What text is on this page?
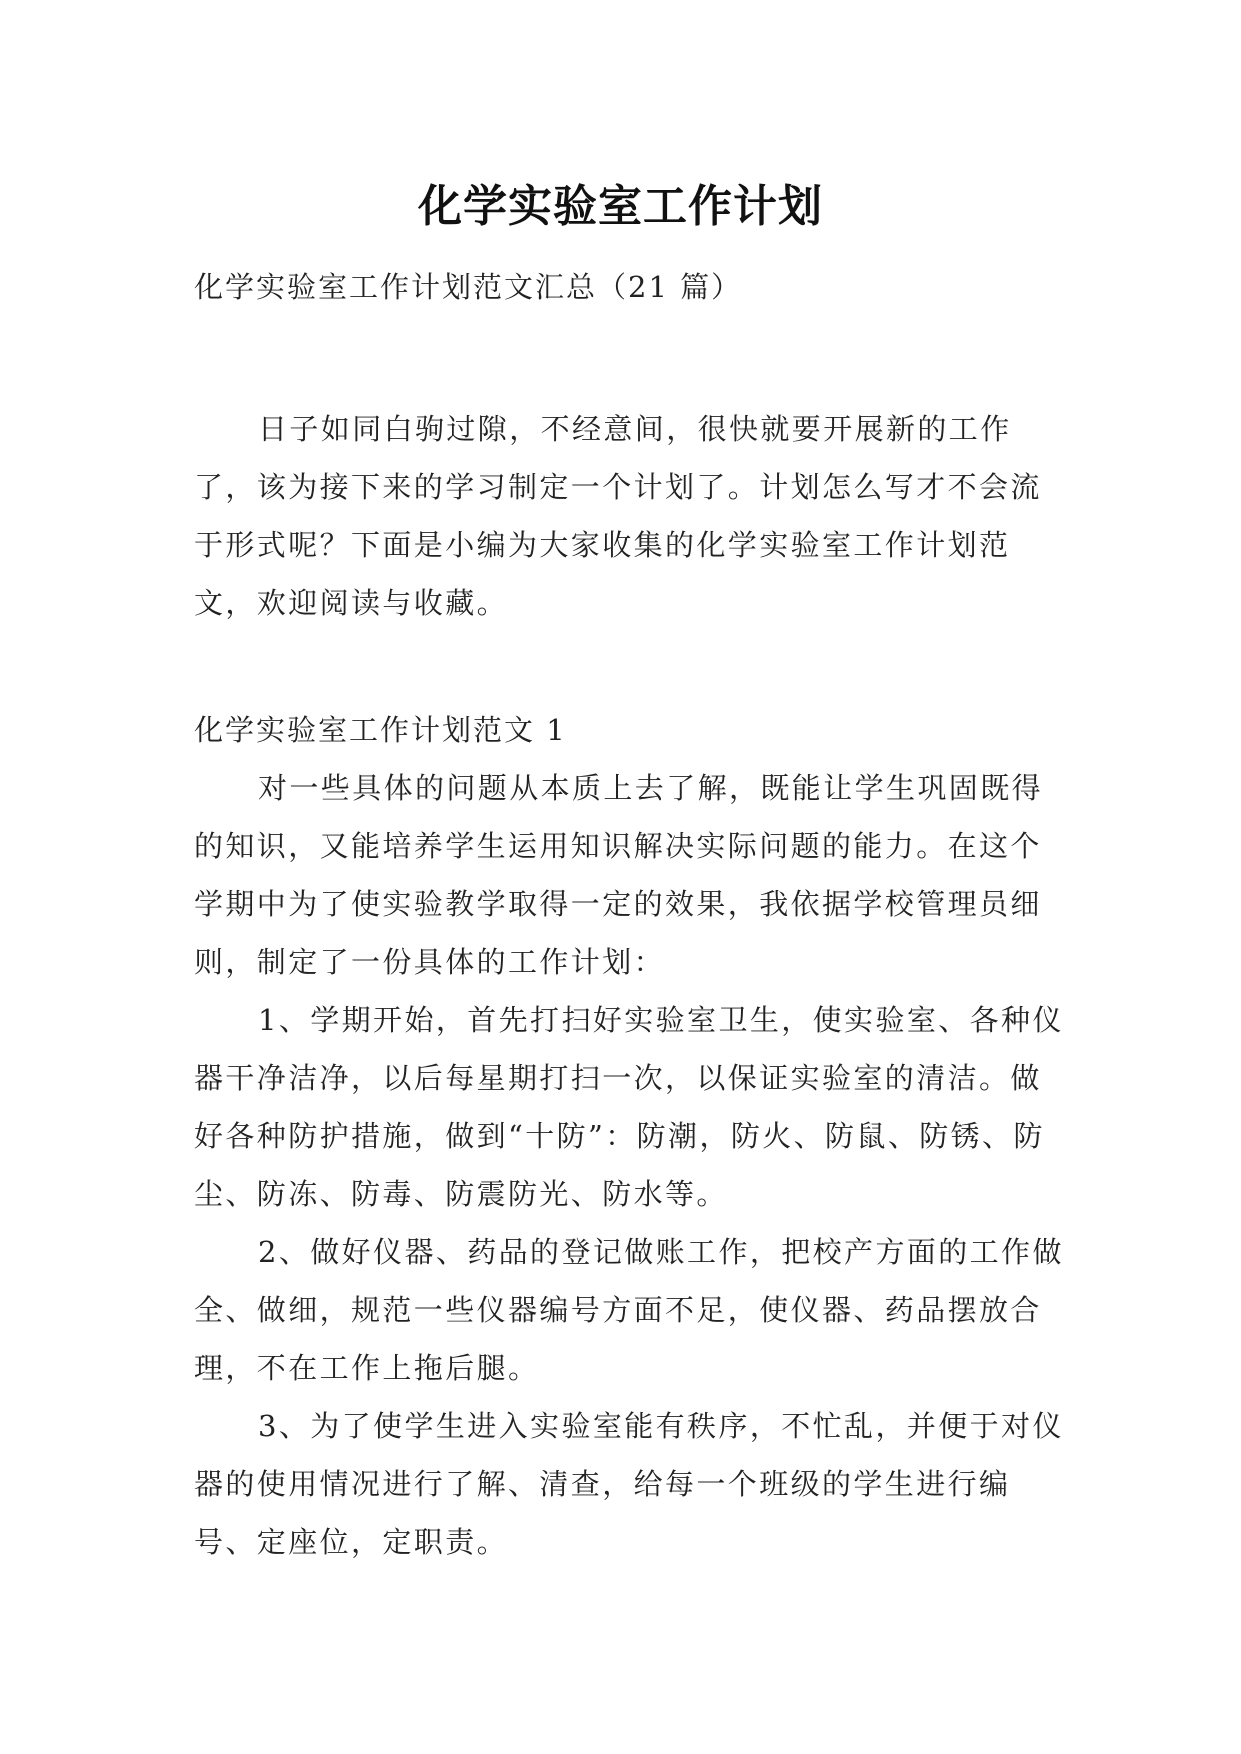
化学实验室工作计划

化学实验室工作计划范文汇总（21 篇）

日子如同白驹过隙，不经意间，很快就要开展新的工作了，该为接下来的学习制定一个计划了。计划怎么写才不会流于形式呢？下面是小编为大家收集的化学实验室工作计划范文，欢迎阅读与收藏。

化学实验室工作计划范文 1

对一些具体的问题从本质上去了解，既能让学生巩固既得的知识，又能培养学生运用知识解决实际问题的能力。在这个学期中为了使实验教学取得一定的效果，我依据学校管理员细则，制定了一份具体的工作计划：

1、学期开始，首先打扫好实验室卫生，使实验室、各种仪器干净洁净，以后每星期打扫一次，以保证实验室的清洁。做好各种防护措施，做到“十防”：防潮，防火、防鼠、防锈、防尘、防冻、防毒、防震防光、防水等。

2、做好仪器、药品的登记做账工作，把校产方面的工作做全、做细，规范一些仪器编号方面不足，使仪器、药品摆放合理，不在工作上拖后腿。

3、为了使学生进入实验室能有秩序，不忙乱，并便于对仪器的使用情况进行了解、清查，给每一个班级的学生进行编号、定座位，定职责。
